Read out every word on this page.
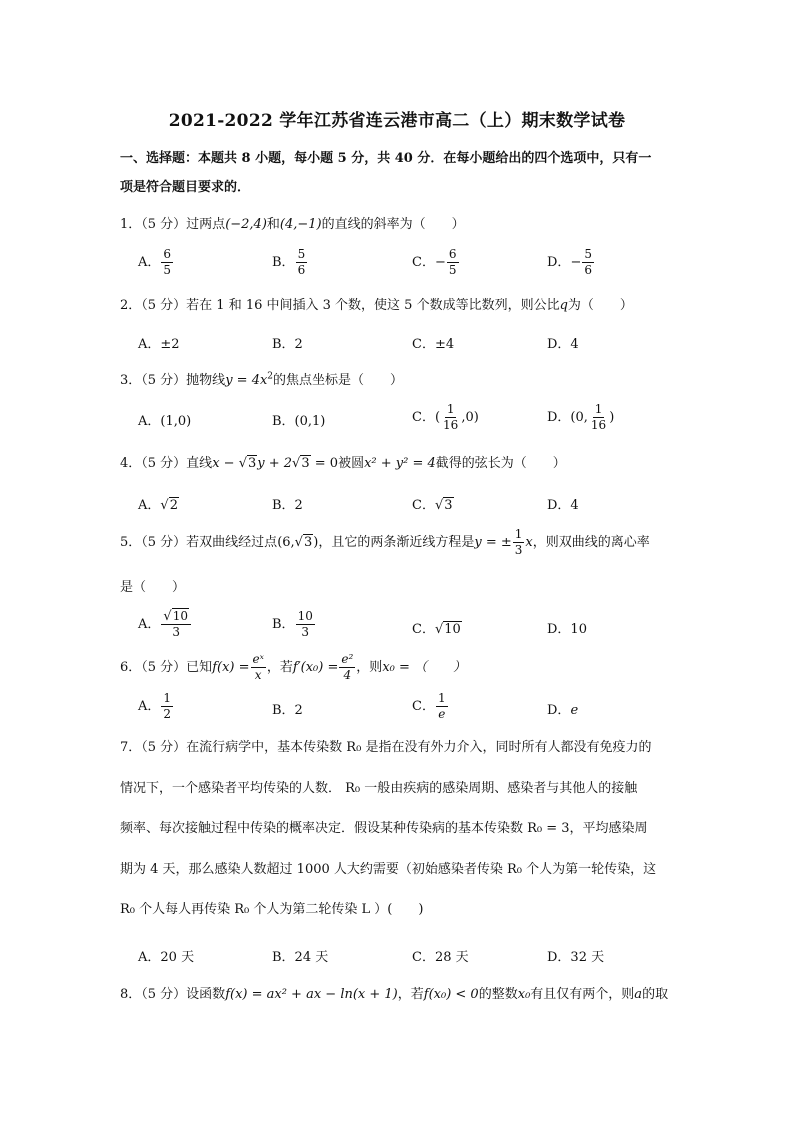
2021-2022 学年江苏省连云港市高二（上）期末数学试卷
一、选择题：本题共 8 小题，每小题 5 分，共 40 分．在每小题给出的四个选项中，只有一
项是符合题目要求的．
1．（5 分）过两点(−2,4)和(4,−1)的直线的斜率为（　　）
A． $\frac{6}{5}$	B． $\frac{5}{6}$	C．− $\frac{6}{5}$	D．− $\frac{5}{6}$
2．（5 分）若在 1 和 16 中间插入 3 个数，使这 5 个数成等比数列，则公比q为（　　）
A．±2	B．2	C．±4	D．4
3．（5 分）抛物线$y = 4x^2$的焦点坐标是（　　）
A．(1,0)	B．(0,1)	C．( $\frac{1}{16} ,0$)	D．(0, $\frac{1}{16}$ )
4．（5 分）直线x − √3y + 2√3 = 0被圆x² + y² = 4截得的弦长为（　　）
A．√2	B．2	C．√3	D．4
5．（5 分）若双曲线经过点(6,√3)，且它的两条渐近线方程是y = ± $\frac{1}{3}$ x，则双曲线的离心率
是（　　）
A． $\frac{√10}{3}$	B． $\frac{10}{3}$	C．√10	D．10
6．（5 分）已知$f(x) = \frac{\text{eˣ}}{x}$ ，若$f'(x_0) = \frac{\text{e²}}{4}$ ，则x₀ = （　　）
A． $\frac{1}{2}$	B．2	C． $\frac{1}{e}$	D．e
7．（5 分）在流行病学中，基本传染数 R₀ 是指在没有外力介入，同时所有人都没有免疫力的
情况下，一个感染者平均传染的人数． R₀ 一般由疾病的感染周期、感染者与其他人的接触
频率、每次接触过程中传染的概率决定．假设某种传染病的基本传染数 R₀ = 3，平均感染周
期为 4 天，那么感染人数超过 1000 人大约需要（初始感染者传染 R₀ 个人为第一轮传染，这
R₀ 个人每人再传染 R₀ 个人为第二轮传染 L ）(　　)
A．20 天	B．24 天	C．28 天	D．32 天
8．（5 分）设函数f(x) = ax² + ax − ln(x + 1)，若f(x₀) < 0的整数x₀有且仅有两个，则a的取
